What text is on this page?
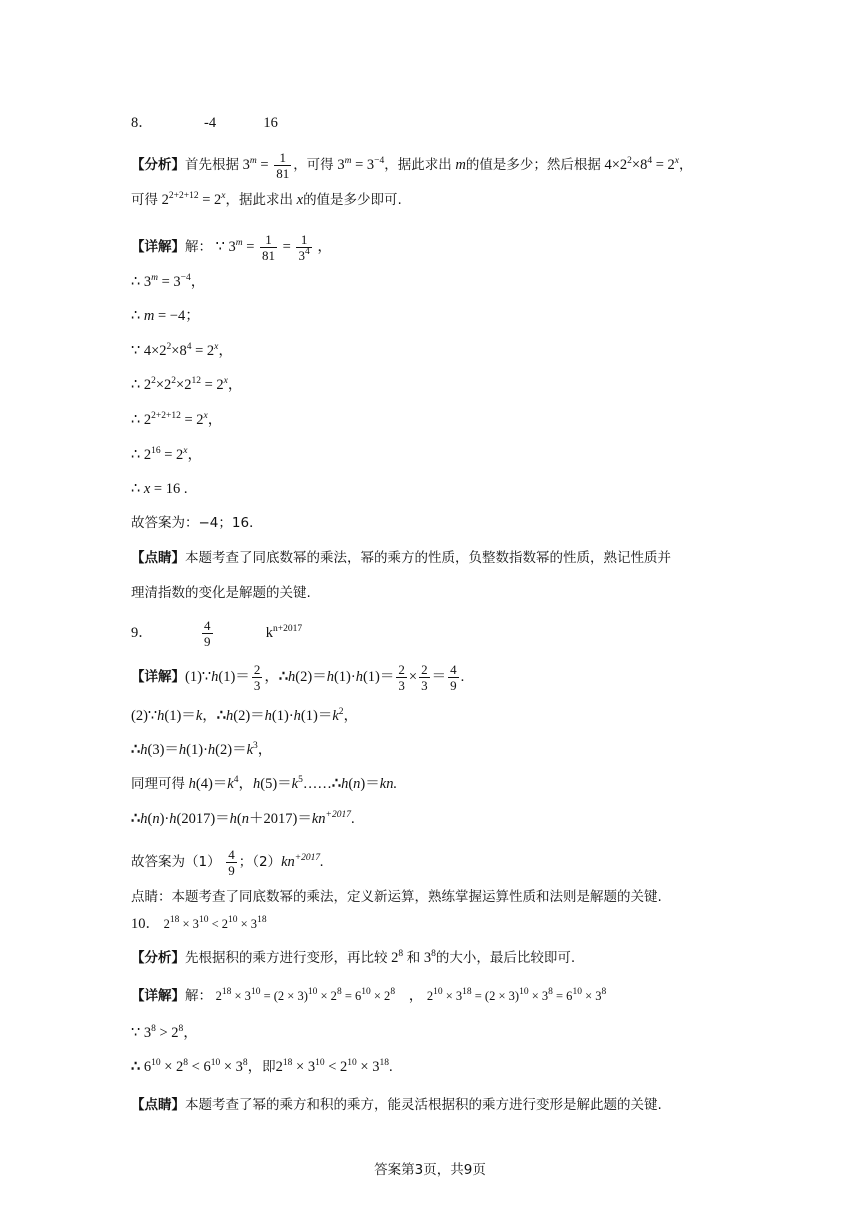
8．	-4	16
【分析】首先根据 $3^m = \frac{1}{81}$ ，可得 $3^m = 3^{-4}$，据此求出 m的值是多少；然后根据 $4\times 2^2\times 8^4 = 2^x$，
可得 $2^{2+2+12} = 2^x$，据此求出 x的值是多少即可.
【详解】解： ∵ $3^m = \frac{1}{81} = \frac{1}{3^4}$ ，
∴ $3^m = 3^{-4}$，
∴ m = −4；
∵ $4\times 2^2\times 8^4 = 2^x$，
∴ $2^2\times 2^2\times 2^{12} = 2^x$，
∴ $2^{2+2+12} = 2^x$，
∴ $2^{16} = 2^x$，
∴ x = 16 .
故答案为：−4；16．
【点睛】本题考查了同底数幂的乘法，幂的乘方的性质，负整数指数幂的性质，熟记性质并
理清指数的变化是解题的关键.
9．	$\frac{4}{9}$	$k^{n+2017}$
【详解】(1)∵h(1)＝ $\frac{2}{3}$ ，∴h(2)＝h(1)·h(1)＝ $\frac{2}{3} \times \frac{2}{3} = \frac{4}{9}$ .
(2)∵h(1)＝k，$\therefore h(2)=h(1)\cdot h(1)=k^2$，
$\therefore h(3)=h(1)\cdot h(2)=k^3$，
同理可得 $h(4)=k^4$，$h(5)=k^5\dots\dots\therefore h(n)=kn$.
$\therefore h(n)\cdot h(2017)=h(n+2017)=kn^{+2017}$.
故答案为$(1) \frac{4}{9}$ ；$(2)kn^{+2017}$.
点睛：本题考查了同底数幂的乘法，定义新运算，熟练掌握运算性质和法则是解题的关键.
10． $2^{18} \times 3^{10} < 2^{10} \times 3^{18}$
【分析】先根据积的乘方进行变形，再比较 $2^8$ 和 $3^8$的大小，最后比较即可.
【详解】解： $2^{18} \times 3^{10} = (2 \times 3)^{10} \times 2^8 = 6^{10} \times 2^8$ ， $2^{10} \times 3^{18} = (2 \times 3)^{10} \times 3^8 = 6^{10} \times 3^8$
∵ $3^8 > 2^8$，
∴ $6^{10} \times 2^8 < 6^{10} \times 3^8$，即$2^{18} \times 3^{10} < 2^{10} \times 3^{18}$.
【点睛】本题考查了幂的乘方和积的乘方，能灵活根据积的乘方进行变形是解此题的关键.
答案第3页，共9页
